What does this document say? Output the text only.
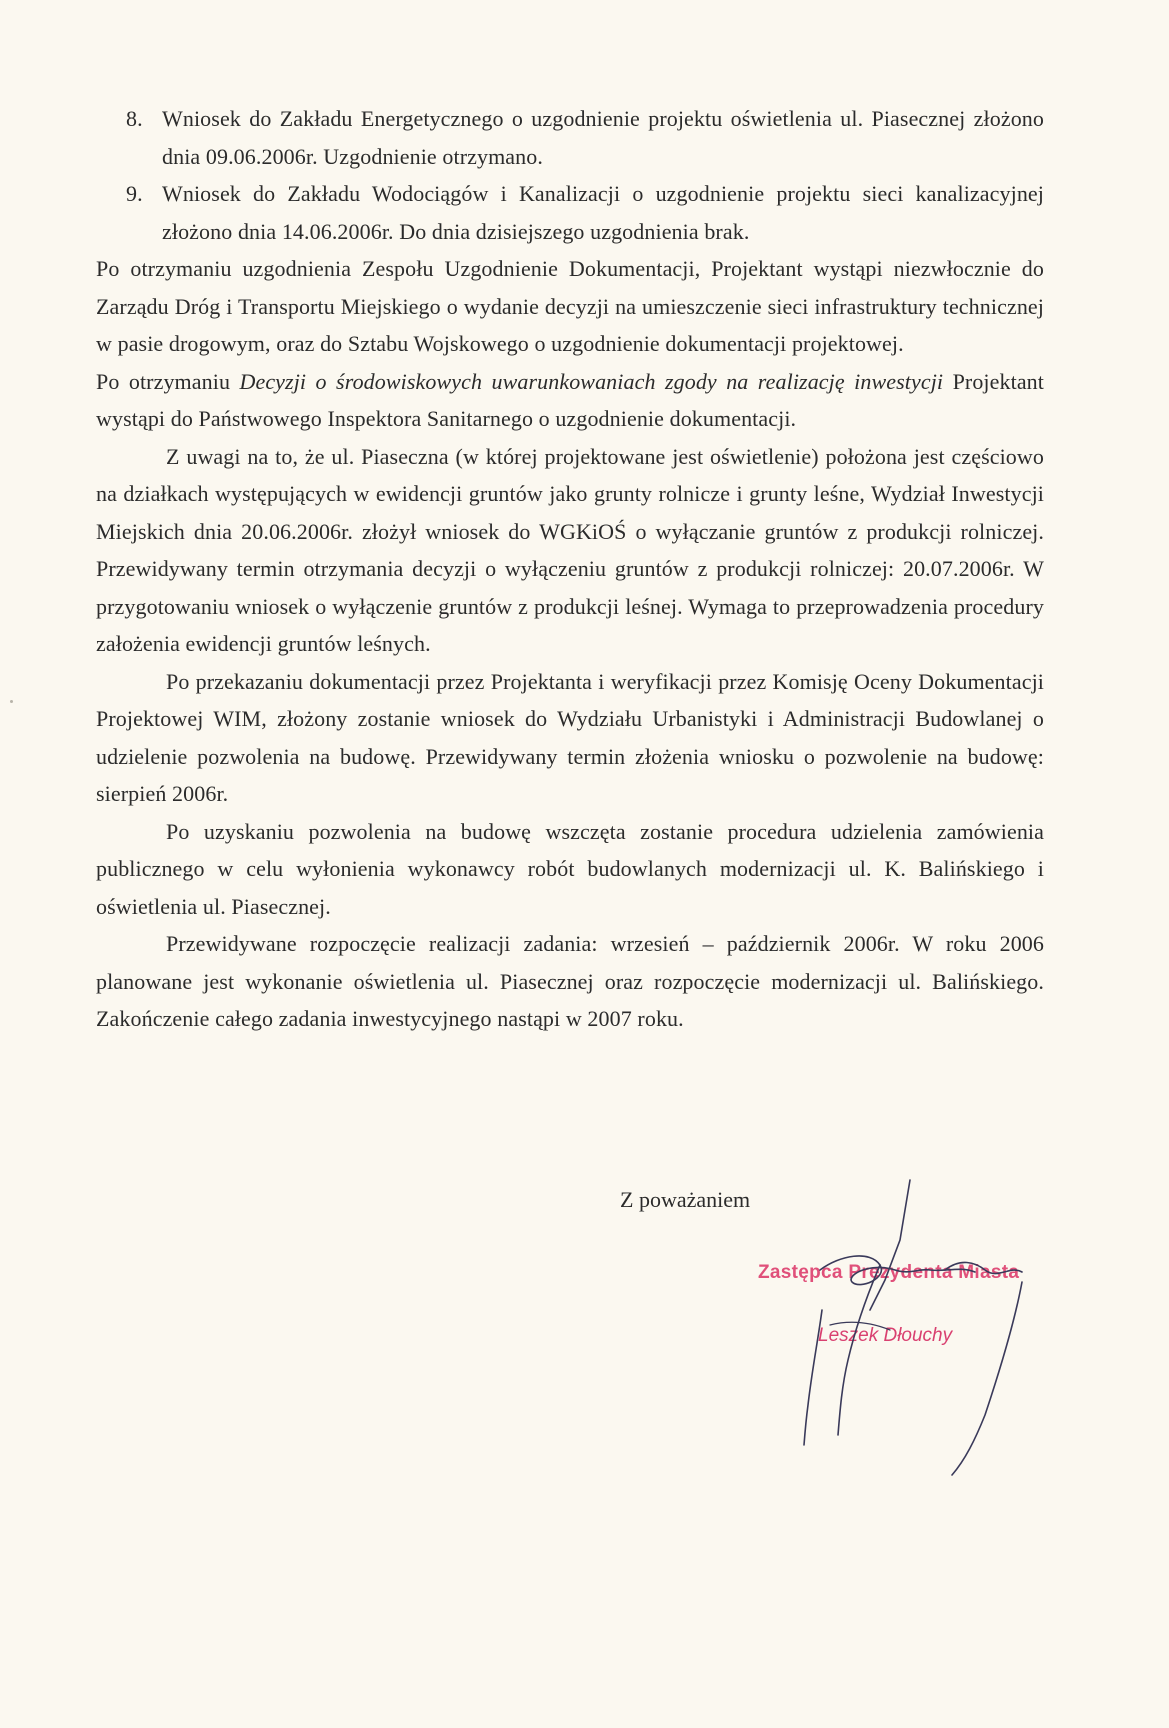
8. Wniosek do Zakładu Energetycznego o uzgodnienie projektu oświetlenia ul. Piasecznej złożono dnia 09.06.2006r. Uzgodnienie otrzymano.
9. Wniosek do Zakładu Wodociągów i Kanalizacji o uzgodnienie projektu sieci kanalizacyjnej złożono dnia 14.06.2006r. Do dnia dzisiejszego uzgodnienia brak.

Po otrzymaniu uzgodnienia Zespołu Uzgodnienie Dokumentacji, Projektant wystąpi niezwłocznie do Zarządu Dróg i Transportu Miejskiego o wydanie decyzji na umieszczenie sieci infrastruktury technicznej w pasie drogowym, oraz do Sztabu Wojskowego o uzgodnienie dokumentacji projektowej.

Po otrzymaniu Decyzji o środowiskowych uwarunkowaniach zgody na realizację inwestycji Projektant wystąpi do Państwowego Inspektora Sanitarnego o uzgodnienie dokumentacji.

Z uwagi na to, że ul. Piaseczna (w której projektowane jest oświetlenie) położona jest częściowo na działkach występujących w ewidencji gruntów jako grunty rolnicze i grunty leśne, Wydział Inwestycji Miejskich dnia 20.06.2006r. złożył wniosek do WGKiOŚ o wyłączanie gruntów z produkcji rolniczej. Przewidywany termin otrzymania decyzji o wyłączeniu gruntów z produkcji rolniczej: 20.07.2006r. W przygotowaniu wniosek o wyłączenie gruntów z produkcji leśnej. Wymaga to przeprowadzenia procedury założenia ewidencji gruntów leśnych.

Po przekazaniu dokumentacji przez Projektanta i weryfikacji przez Komisję Oceny Dokumentacji Projektowej WIM, złożony zostanie wniosek do Wydziału Urbanistyki i Administracji Budowlanej o udzielenie pozwolenia na budowę. Przewidywany termin złożenia wniosku o pozwolenie na budowę: sierpień 2006r.

Po uzyskaniu pozwolenia na budowę wszczęta zostanie procedura udzielenia zamówienia publicznego w celu wyłonienia wykonawcy robót budowlanych modernizacji ul. K. Balińskiego i oświetlenia ul. Piasecznej.

Przewidywane rozpoczęcie realizacji zadania: wrzesień – październik 2006r. W roku 2006 planowane jest wykonanie oświetlenia ul. Piasecznej oraz rozpoczęcie modernizacji ul. Balińskiego. Zakończenie całego zadania inwestycyjnego nastąpi w 2007 roku.

Z poważaniem
Zastępca Prezydenta Miasta
Leszek Dłouchy
